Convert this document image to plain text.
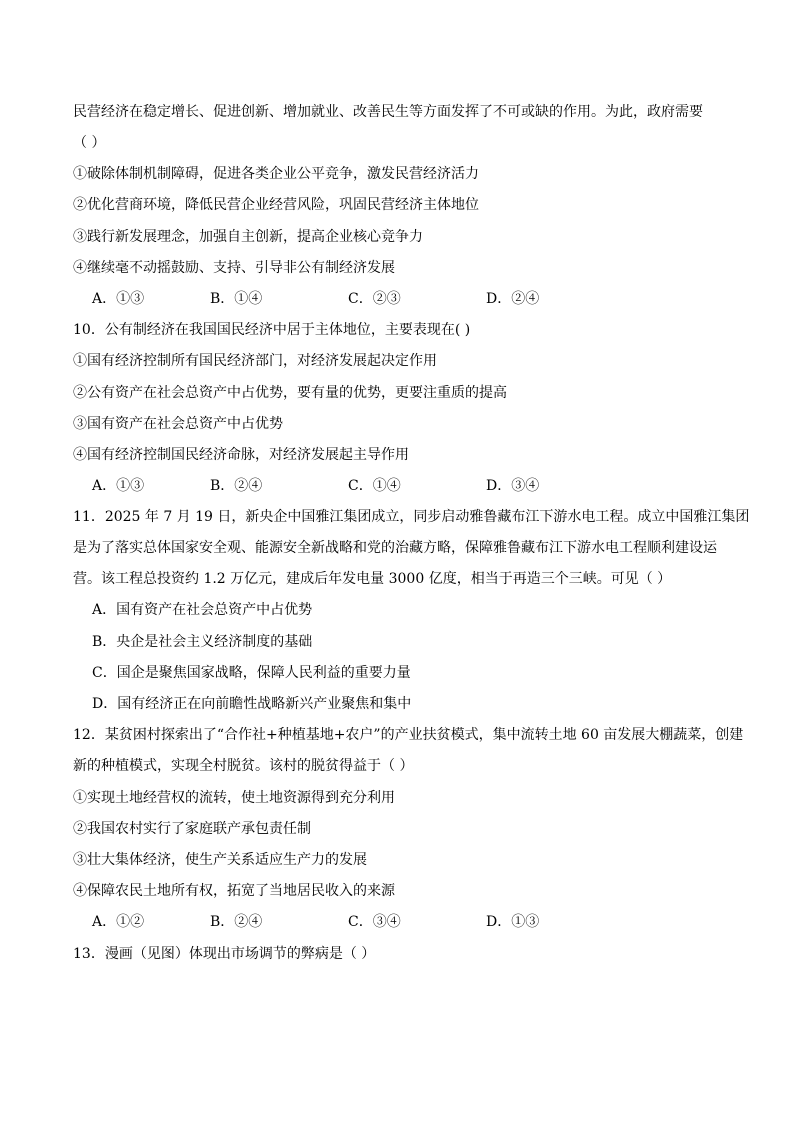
民营经济在稳定增长、促进创新、增加就业、改善民生等方面发挥了不可或缺的作用。为此，政府需要
（ ）
①破除体制机制障碍，促进各类企业公平竞争，激发民营经济活力
②优化营商环境，降低民营企业经营风险，巩固民营经济主体地位
③践行新发展理念，加强自主创新，提高企业核心竞争力
④继续毫不动摇鼓励、支持、引导非公有制经济发展
A．①③	B．①④	C．②③	D．②④
10．公有制经济在我国国民经济中居于主体地位，主要表现在( )
①国有经济控制所有国民经济部门，对经济发展起决定作用
②公有资产在社会总资产中占优势，要有量的优势，更要注重质的提高
③国有资产在社会总资产中占优势
④国有经济控制国民经济命脉，对经济发展起主导作用
A．①③	B．②④	C．①④	D．③④
11．2025 年 7 月 19 日，新央企中国雅江集团成立，同步启动雅鲁藏布江下游水电工程。成立中国雅江集团
是为了落实总体国家安全观、能源安全新战略和党的治藏方略，保障雅鲁藏布江下游水电工程顺利建设运
营。该工程总投资约 1.2 万亿元，建成后年发电量 3000 亿度，相当于再造三个三峡。可见（ ）
A．国有资产在社会总资产中占优势
B．央企是社会主义经济制度的基础
C．国企是聚焦国家战略，保障人民利益的重要力量
D．国有经济正在向前瞻性战略新兴产业聚焦和集中
12．某贫困村探索出了“合作社+种植基地+农户”的产业扶贫模式，集中流转土地 60 亩发展大棚蔬菜，创建
新的种植模式，实现全村脱贫。该村的脱贫得益于（ ）
①实现土地经营权的流转，使土地资源得到充分利用
②我国农村实行了家庭联产承包责任制
③壮大集体经济，使生产关系适应生产力的发展
④保障农民土地所有权，拓宽了当地居民收入的来源
A．①②	B．②④	C．③④	D．①③
13．漫画（见图）体现出市场调节的弊病是（ ）
